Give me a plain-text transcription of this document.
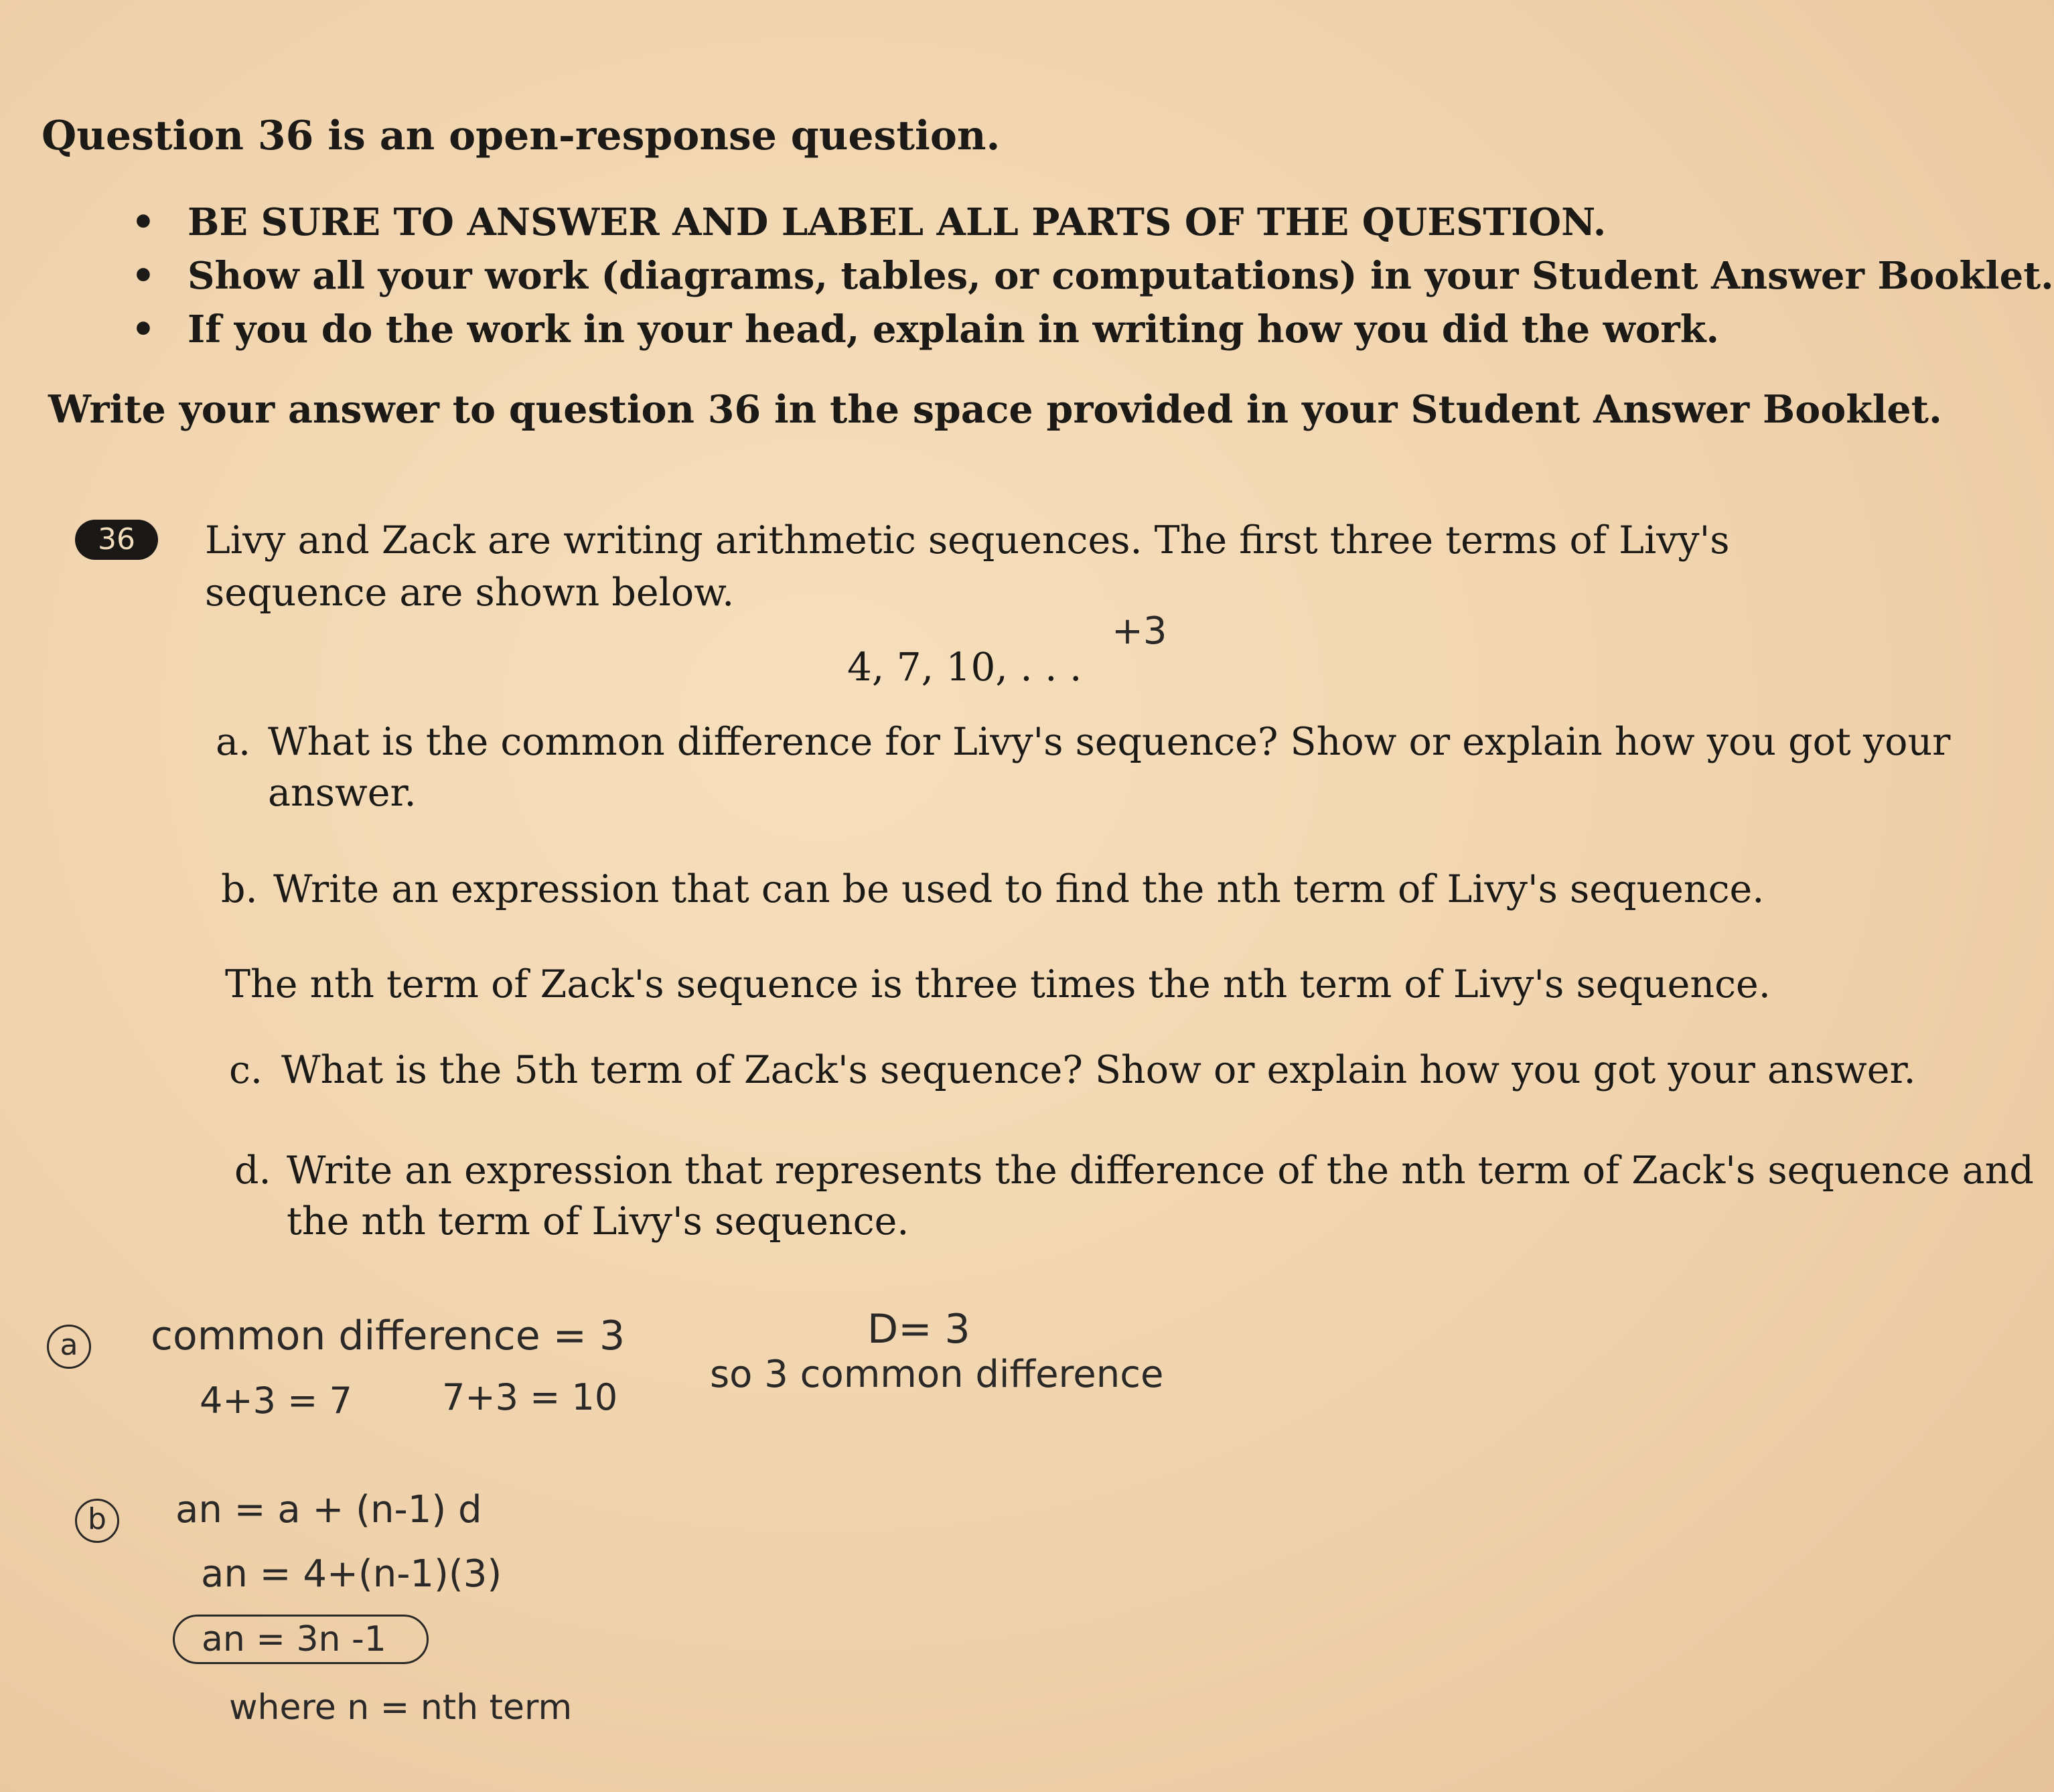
Question 36 is an open-response question.
• BE SURE TO ANSWER AND LABEL ALL PARTS OF THE QUESTION.
• Show all your work (diagrams, tables, or computations) in your Student Answer Booklet.
• If you do the work in your head, explain in writing how you did the work.
Write your answer to question 36 in the space provided in your Student Answer Booklet.
36	Livy and Zack are writing arithmetic sequences. The first three terms of Livy's sequence are shown below.
4, 7, 10, . . .
a. What is the common difference for Livy's sequence? Show or explain how you got your
answer.
b. Write an expression that can be used to find the nth term of Livy's sequence.
The nth term of Zack's sequence is three times the nth term of Livy's sequence.
c. What is the 5th term of Zack's sequence? Show or explain how you got your answer.
d. Write an expression that represents the difference of the nth term of Zack's sequence and
the nth term of Livy's sequence.
+3
a	common difference = 3	D= 3
4+3 = 7 7+3 = 10
so 3 common difference
b	an = a + (n-1) d
an = 4+(n-1)(3)
an = 3n -1
where n = nth term
